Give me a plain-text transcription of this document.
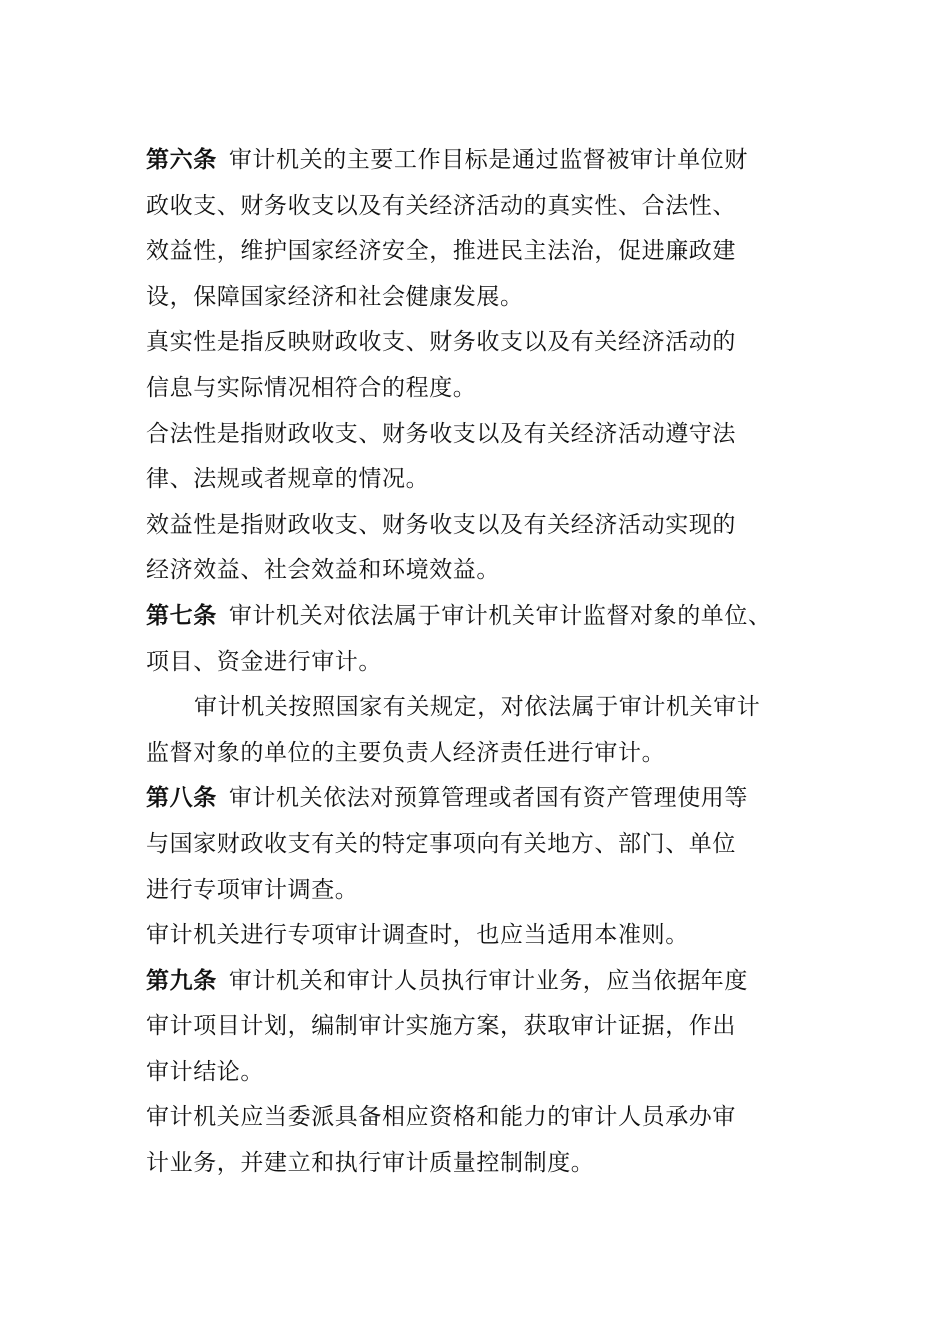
第六条 审计机关的主要工作目标是通过监督被审计单位财
政收支、财务收支以及有关经济活动的真实性、合法性、
效益性，维护国家经济安全，推进民主法治，促进廉政建
设，保障国家经济和社会健康发展。
真实性是指反映财政收支、财务收支以及有关经济活动的
信息与实际情况相符合的程度。
合法性是指财政收支、财务收支以及有关经济活动遵守法
律、法规或者规章的情况。
效益性是指财政收支、财务收支以及有关经济活动实现的
经济效益、社会效益和环境效益。
第七条 审计机关对依法属于审计机关审计监督对象的单位、
项目、资金进行审计。
审计机关按照国家有关规定，对依法属于审计机关审计
监督对象的单位的主要负责人经济责任进行审计。
第八条 审计机关依法对预算管理或者国有资产管理使用等
与国家财政收支有关的特定事项向有关地方、部门、单位
进行专项审计调查。
审计机关进行专项审计调查时，也应当适用本准则。
第九条 审计机关和审计人员执行审计业务，应当依据年度
审计项目计划，编制审计实施方案，获取审计证据，作出
审计结论。
审计机关应当委派具备相应资格和能力的审计人员承办审
计业务，并建立和执行审计质量控制制度。
